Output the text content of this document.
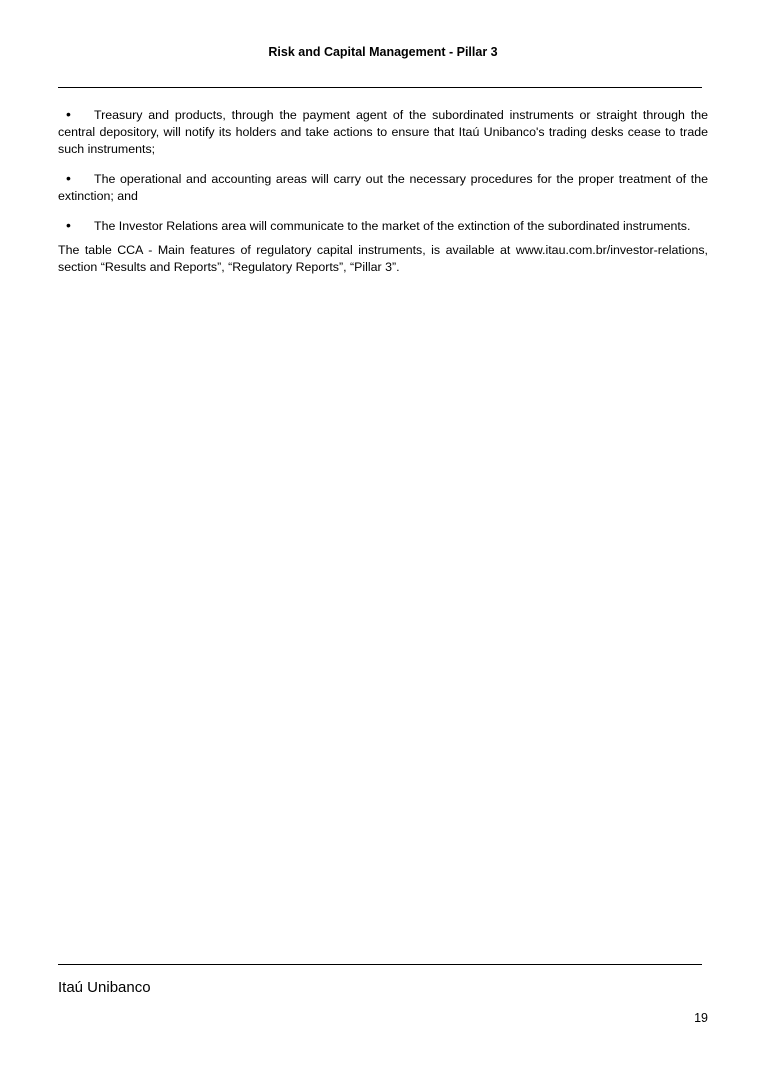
Risk and Capital Management - Pillar 3

• Treasury and products, through the payment agent of the subordinated instruments or straight through the central depository, will notify its holders and take actions to ensure that Itaú Unibanco's trading desks cease to trade such instruments;

• The operational and accounting areas will carry out the necessary procedures for the proper treatment of the extinction; and

• The Investor Relations area will communicate to the market of the extinction of the subordinated instruments.

The table CCA - Main features of regulatory capital instruments, is available at www.itau.com.br/investor-relations, section “Results and Reports”, “Regulatory Reports”, “Pillar 3”.

Itaú Unibanco
19
